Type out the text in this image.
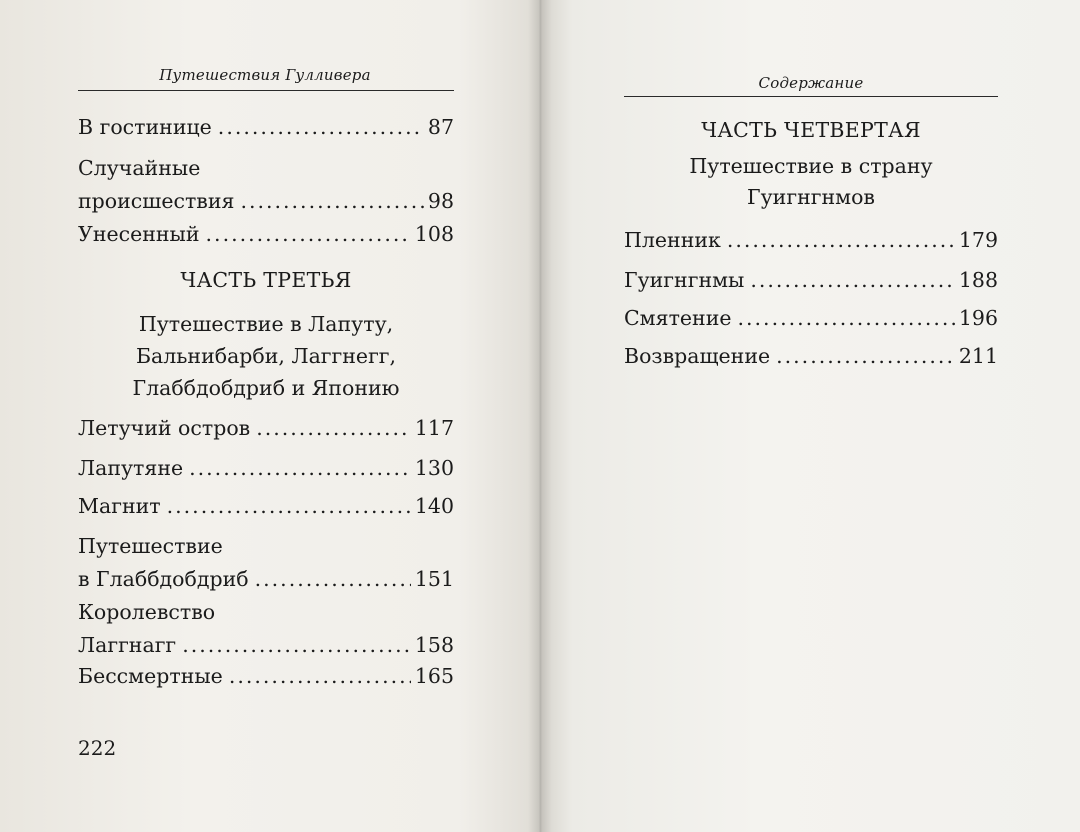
Путешествия Гулливера
В гостинице .....	87
Случайные
происшествия .....	98
Унесенный .....	108
ЧАСТЬ ТРЕТЬЯ
Путешествие в Лапуту,
Бальнибарби, Лаггнегг,
Глаббдобдриб и Японию
Летучий остров .....	117
Лапутяне .....	130
Магнит .....	140
Путешествие
в Глаббдобдриб .....	151
Королевство
Лаггнагг .....	158
Бессмертные .....	165
222
Содержание
ЧАСТЬ ЧЕТВЕРТАЯ
Путешествие в страну
Гуигнгнмов
Пленник .....	179
Гуигнгнмы .....	188
Смятение .....	196
Возвращение .....	211
